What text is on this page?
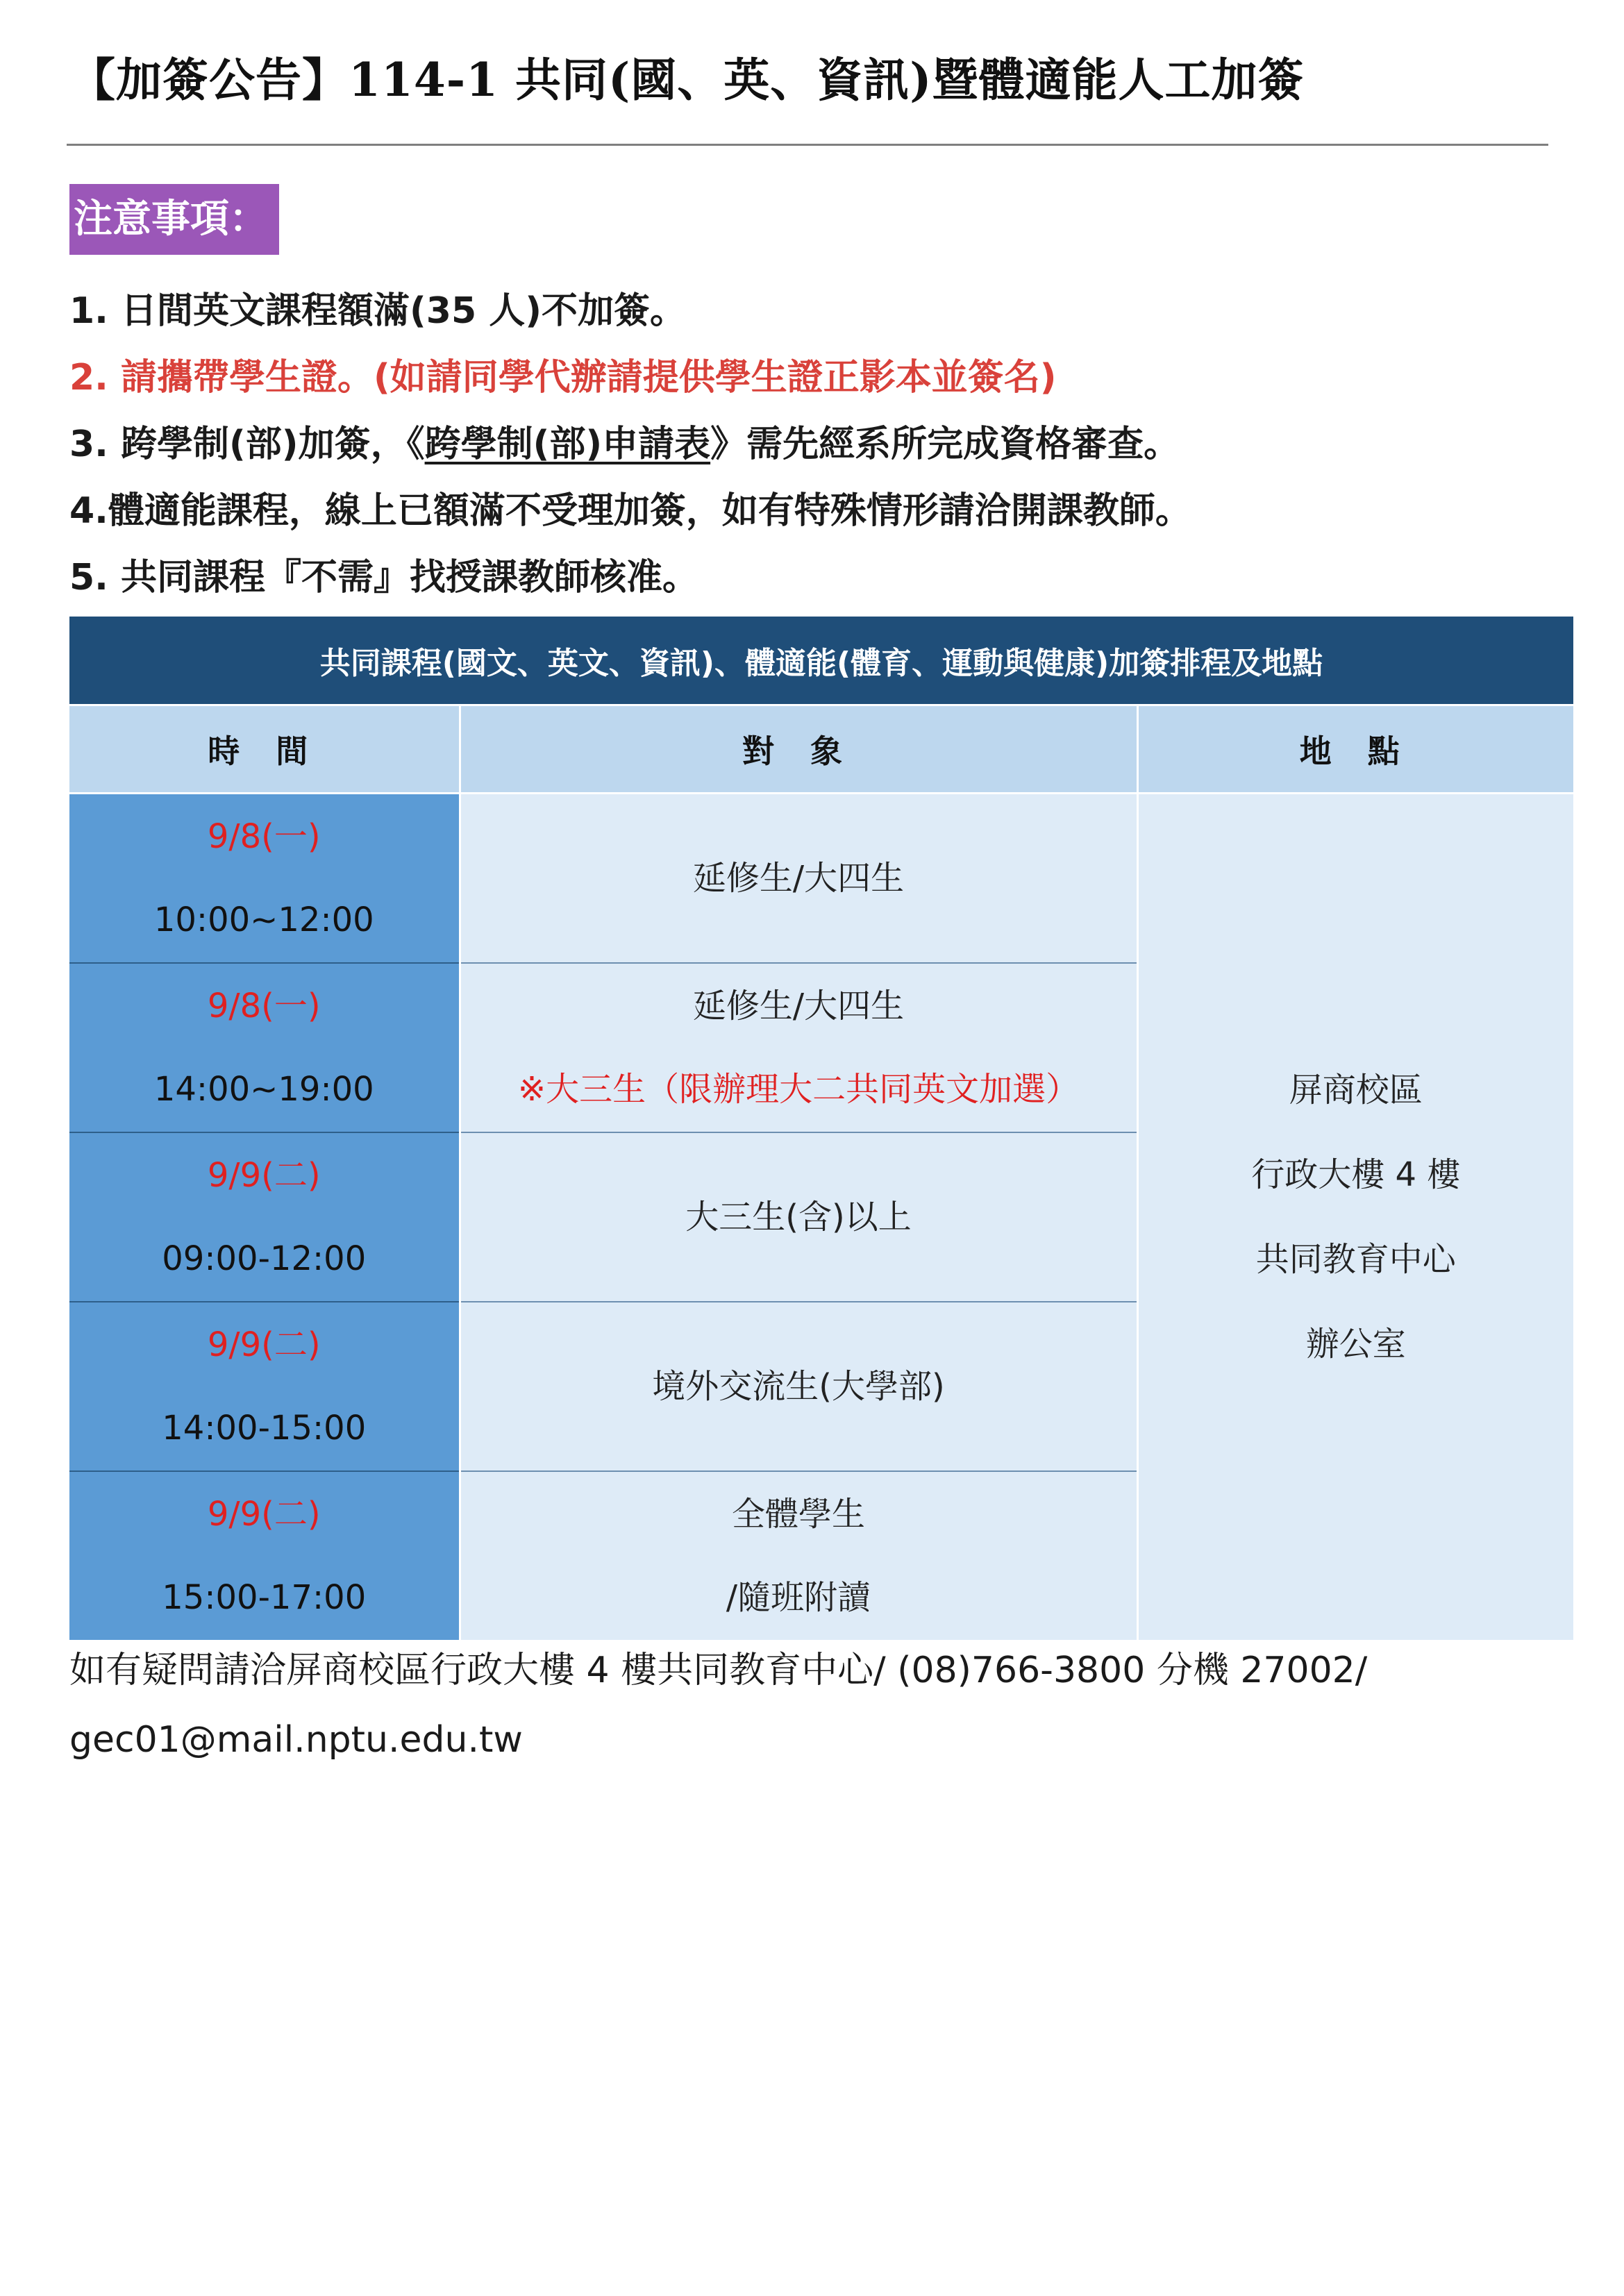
【加簽公告】114-1 共同(國、英、資訊)暨體適能人工加簽
注意事項：
1. 日間英文課程額滿(35 人)不加簽。
2. 請攜帶學生證。(如請同學代辦請提供學生證正影本並簽名)
3. 跨學制(部)加簽，《跨學制(部)申請表》需先經系所完成資格審查。
4.體適能課程，線上已額滿不受理加簽，如有特殊情形請洽開課教師。
5. 共同課程『不需』找授課教師核准。
共同課程(國文、英文、資訊)、體適能(體育、運動與健康)加簽排程及地點		
時 間	對 象	地 點

9/8(一)
10:00~12:00	延修生/大四生	屏商校區
行政大樓 4 樓
共同教育中心
辦公室

9/8(一)
14:00~19:00	延修生/大四生
※大三生（限辦理大二共同英文加選）	

9/9(二)
09:00-12:00	大三生(含)以上	

9/9(二)
14:00-15:00	境外交流生(大學部)	

9/9(二)
15:00-17:00	全體學生
/隨班附讀	
如有疑問請洽屏商校區行政大樓 4 樓共同教育中心/ (08)766-3800 分機 27002/
gec01@mail.nptu.edu.tw
